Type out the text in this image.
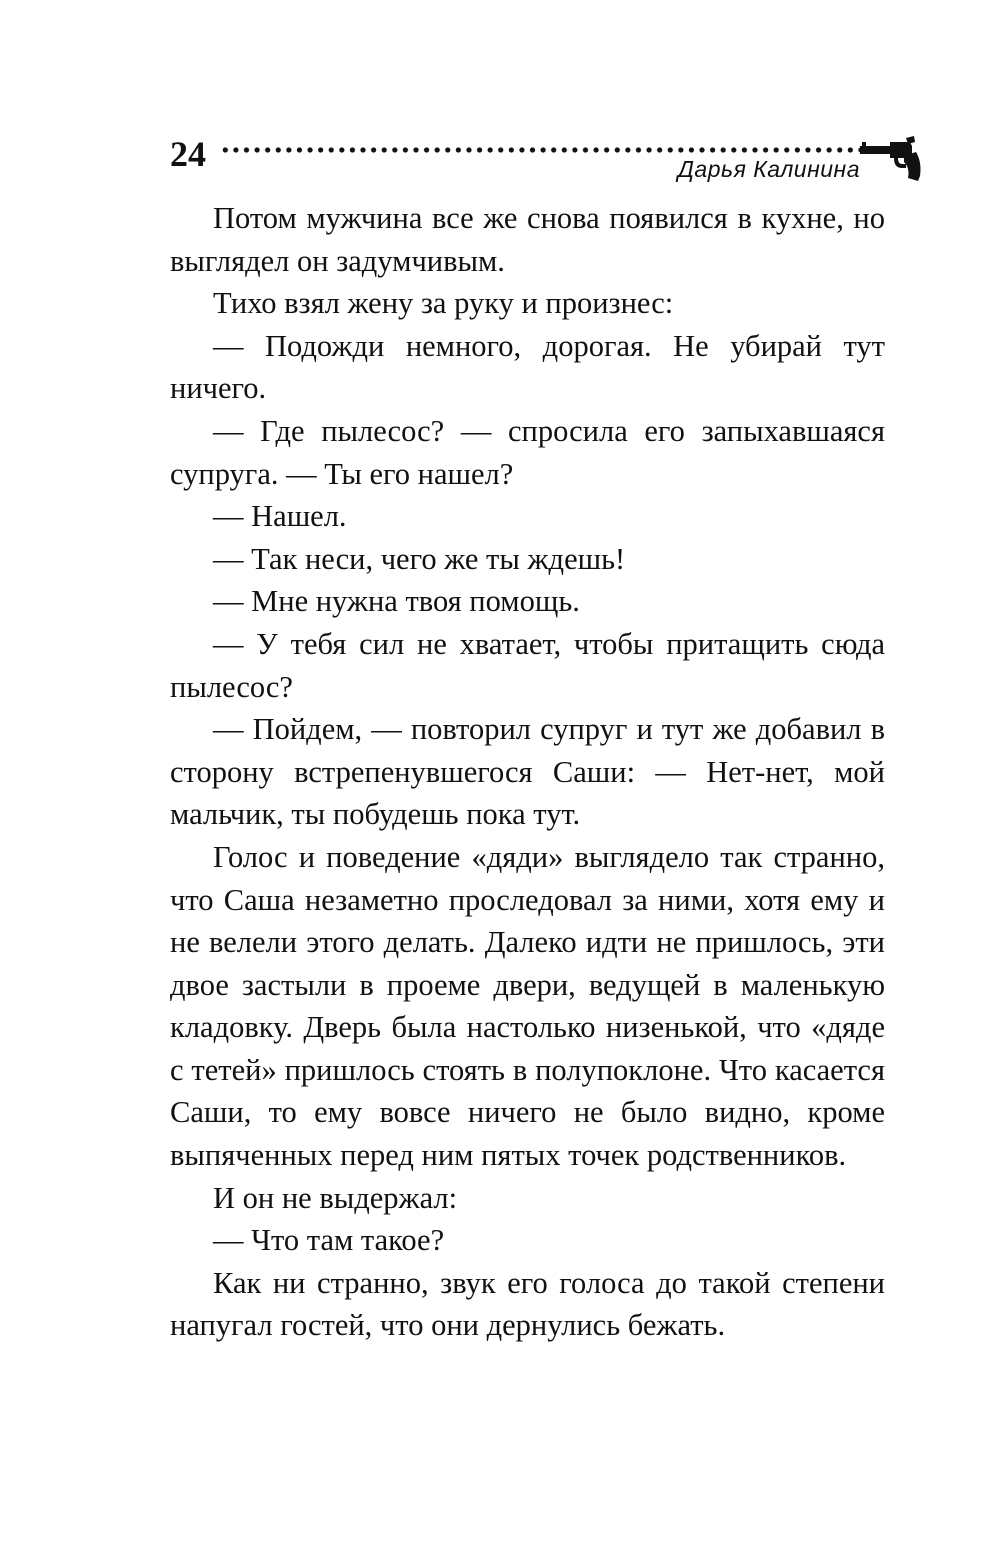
24	Дарья Калинина

Потом мужчина все же снова появился в кухне, но выглядел он задумчивым.

Тихо взял жену за руку и произнес:

— Подожди немного, дорогая. Не убирай тут ничего.

— Где пылесос? — спросила его запыхавшаяся супруга. — Ты его нашел?

— Нашел.

— Так неси, чего же ты ждешь!

— Мне нужна твоя помощь.

— У тебя сил не хватает, чтобы притащить сюда пылесос?

— Пойдем, — повторил супруг и тут же добавил в сторону встрепенувшегося Саши: — Нет-нет, мой мальчик, ты побудешь пока тут.

Голос и поведение «дяди» выглядело так странно, что Саша незаметно проследовал за ними, хотя ему и не велели этого делать. Далеко идти не пришлось, эти двое застыли в проеме двери, ведущей в маленькую кладовку. Дверь была настолько низенькой, что «дяде с тетей» пришлось стоять в полупоклоне. Что касается Саши, то ему вовсе ничего не было видно, кроме выпяченных перед ним пятых точек родственников.

И он не выдержал:

— Что там такое?

Как ни странно, звук его голоса до такой степени напугал гостей, что они дернулись бежать.
